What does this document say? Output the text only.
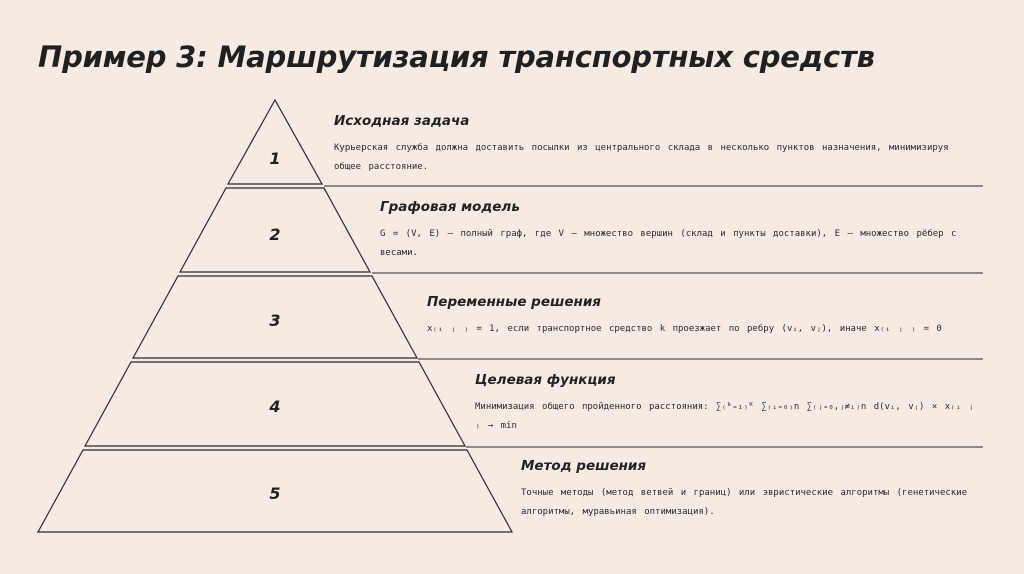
Пример 3: Маршрутизация транспортных средств
1
2
3
4
5
Исходная задача
Курьерская служба должна доставить посылки из центрального склада в несколько пунктов назначения, минимизируя общее расстояние.
Графовая модель
G = (V, E) – полный граф, где V – множество вершин (склад и пункты доставки), E – множество рёбер с весами.
Переменные решения
x₍ᵢ ⱼ ₎ = 1, если транспортное средство k проезжает по ребру (vᵢ, vⱼ), иначе x₍ᵢ ⱼ ₎ = 0
Целевая функция
Минимизация общего пройденного расстояния: ∑₍ᵏ₌₁₎ᴷ ∑₍ᵢ₌₀₎n ∑₍ⱼ₌₀,ⱼ≠ᵢ₎n d(vᵢ, vⱼ) × x₍ᵢ ⱼ ₎ → min
Метод решения
Точные методы (метод ветвей и границ) или эвристические алгоритмы (генетические алгоритмы, муравьиная оптимизация).
